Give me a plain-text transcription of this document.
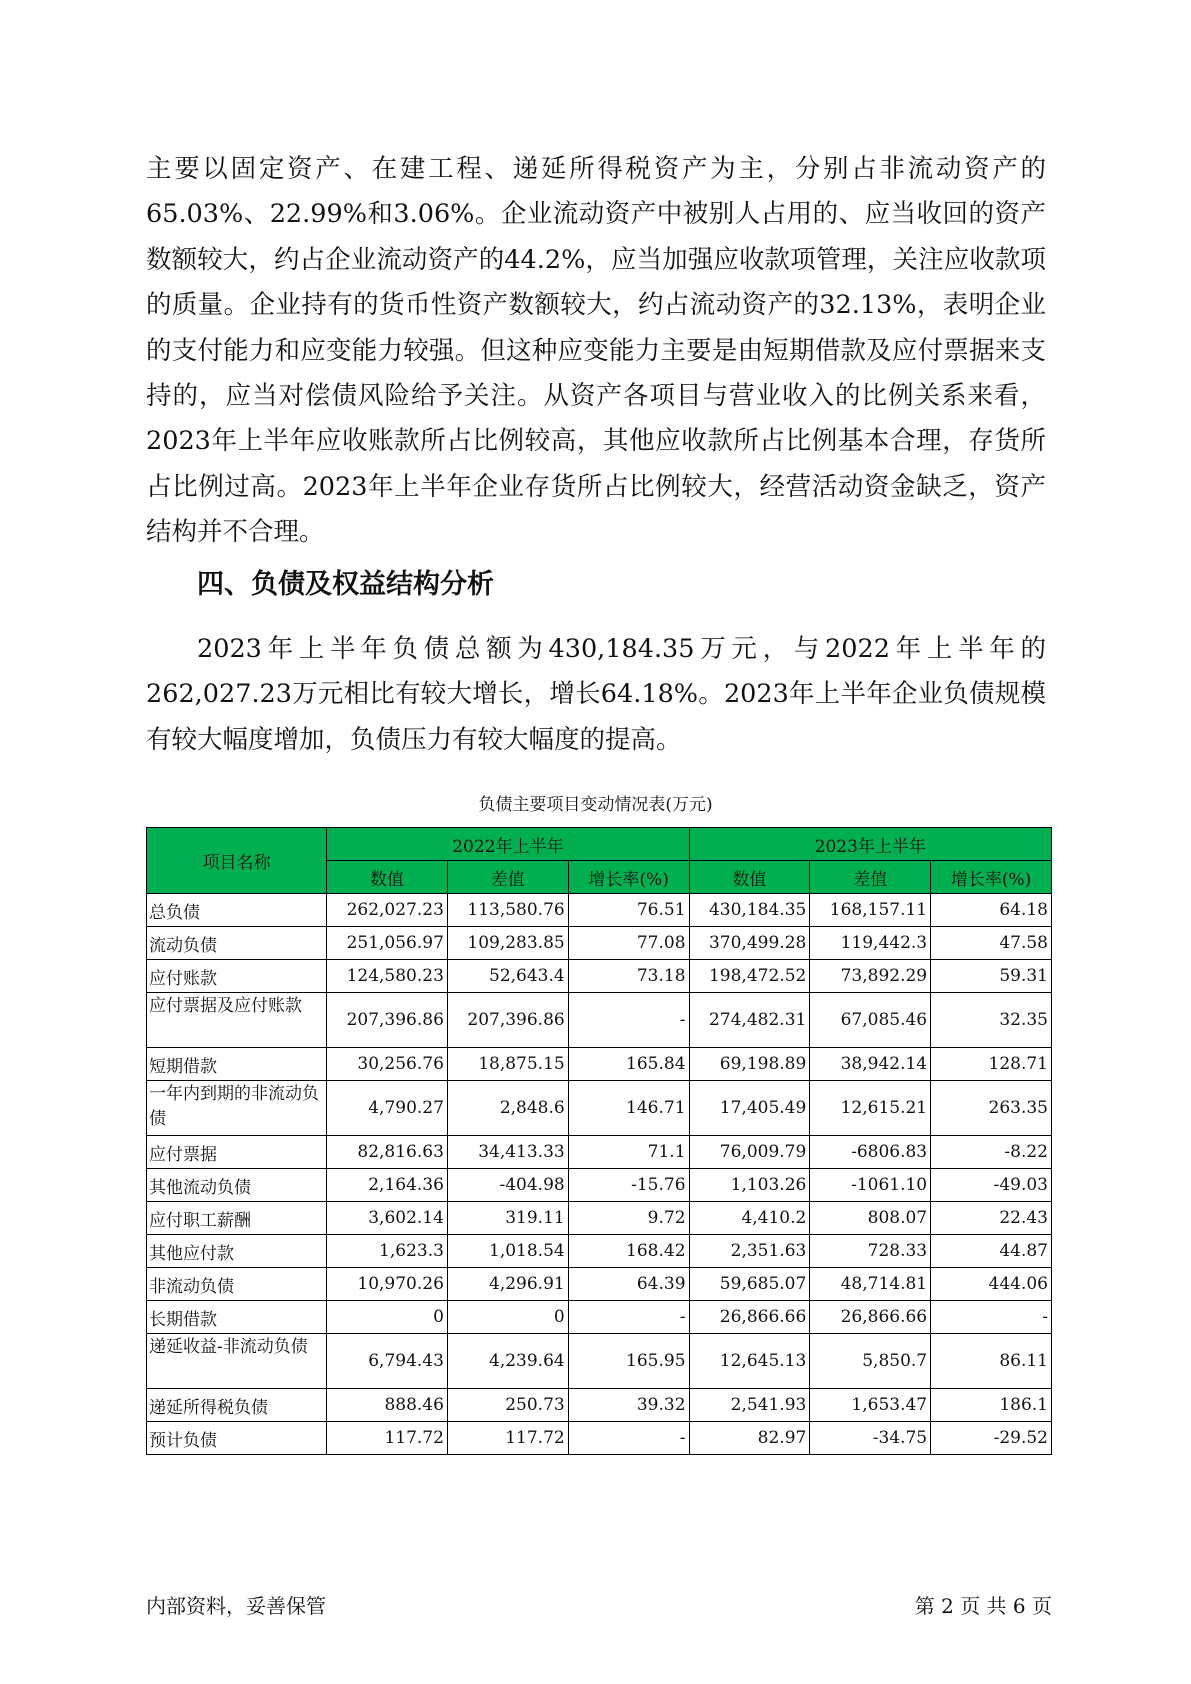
主要以固定资产、在建工程、递延所得税资产为主，分别占非流动资产的65.03%、22.99%和3.06%。企业流动资产中被别人占用的、应当收回的资产数额较大，约占企业流动资产的44.2%，应当加强应收款项管理，关注应收款项的质量。企业持有的货币性资产数额较大，约占流动资产的32.13%，表明企业的支付能力和应变能力较强。但这种应变能力主要是由短期借款及应付票据来支持的，应当对偿债风险给予关注。从资产各项目与营业收入的比例关系来看，2023年上半年应收账款所占比例较高，其他应收款所占比例基本合理，存货所占比例过高。2023年上半年企业存货所占比例较大，经营活动资金缺乏，资产结构并不合理。

四、负债及权益结构分析

2023年上半年负债总额为430,184.35万元，与2022年上半年的262,027.23万元相比有较大增长，增长64.18%。2023年上半年企业负债规模有较大幅度增加，负债压力有较大幅度的提高。

负债主要项目变动情况表(万元)

项目名称	2022年上半年			2023年上半年		
	数值	差值	增长率(%)	数值	差值	增长率(%)
总负债	262,027.23	113,580.76	76.51	430,184.35	168,157.11	64.18
流动负债	251,056.97	109,283.85	77.08	370,499.28	119,442.3	47.58
应付账款	124,580.23	52,643.4	73.18	198,472.52	73,892.29	59.31
应付票据及应付账款	207,396.86	207,396.86	-	274,482.31	67,085.46	32.35
短期借款	30,256.76	18,875.15	165.84	69,198.89	38,942.14	128.71
一年内到期的非流动负债	4,790.27	2,848.6	146.71	17,405.49	12,615.21	263.35
应付票据	82,816.63	34,413.33	71.1	76,009.79	-6806.83	-8.22
其他流动负债	2,164.36	-404.98	-15.76	1,103.26	-1061.10	-49.03
应付职工薪酬	3,602.14	319.11	9.72	4,410.2	808.07	22.43
其他应付款	1,623.3	1,018.54	168.42	2,351.63	728.33	44.87
非流动负债	10,970.26	4,296.91	64.39	59,685.07	48,714.81	444.06
长期借款	0	0	-	26,866.66	26,866.66	-
递延收益-非流动负债	6,794.43	4,239.64	165.95	12,645.13	5,850.7	86.11
递延所得税负债	888.46	250.73	39.32	2,541.93	1,653.47	186.1
预计负债	117.72	117.72	-	82.97	-34.75	-29.52

内部资料，妥善保管	第 2 页 共 6 页
